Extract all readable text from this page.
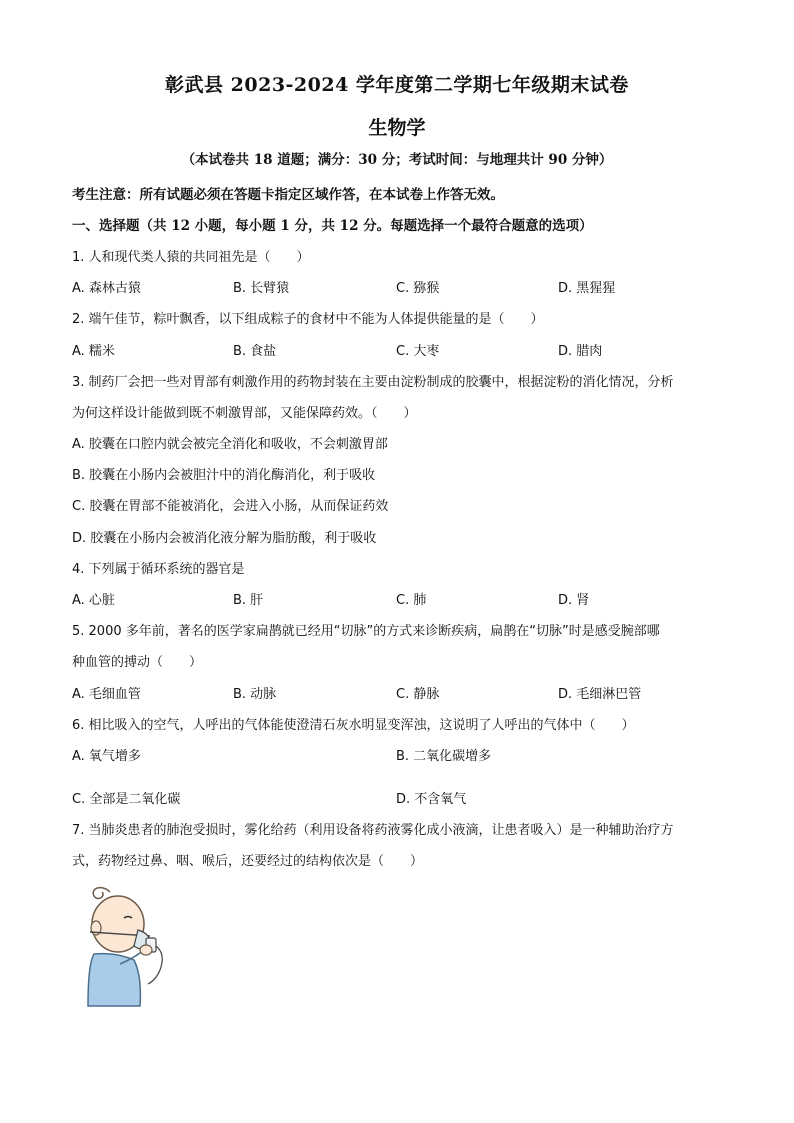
彰武县 2023-2024 学年度第二学期七年级期末试卷
生物学
（本试卷共 18 道题；满分：30 分；考试时间：与地理共计 90 分钟）
考生注意：所有试题必须在答题卡指定区域作答，在本试卷上作答无效。
一、选择题（共 12 小题，每小题 1 分，共 12 分。每题选择一个最符合题意的选项）
1. 人和现代类人猿的共同祖先是（　　）
A. 森林古猿	B. 长臂猿	C. 猕猴	D. 黑猩猩
2. 端午佳节，粽叶飘香，以下组成粽子的食材中不能为人体提供能量的是（　　）
A. 糯米	B. 食盐	C. 大枣	D. 腊肉
3. 制药厂会把一些对胃部有刺激作用的药物封装在主要由淀粉制成的胶囊中，根据淀粉的消化情况，分析
为何这样设计能做到既不刺激胃部，又能保障药效。（　　）
A. 胶囊在口腔内就会被完全消化和吸收，不会刺激胃部
B. 胶囊在小肠内会被胆汁中的消化酶消化，利于吸收
C. 胶囊在胃部不能被消化，会进入小肠，从而保证药效
D. 胶囊在小肠内会被消化液分解为脂肪酸，利于吸收
4. 下列属于循环系统的器官是
A. 心脏	B. 肝	C. 肺	D. 肾
5. 2000 多年前，著名的医学家扁鹊就已经用“切脉”的方式来诊断疾病，扁鹊在“切脉”时是感受腕部哪
种血管的搏动（　　）
A. 毛细血管	B. 动脉	C. 静脉	D. 毛细淋巴管
6. 相比吸入的空气，人呼出的气体能使澄清石灰水明显变浑浊，这说明了人呼出的气体中（　　）
A. 氧气增多	B. 二氧化碳增多
C. 全部是二氧化碳	D. 不含氧气
7. 当肺炎患者的肺泡受损时，雾化给药（利用设备将药液雾化成小液滴，让患者吸入）是一种辅助治疗方
式，药物经过鼻、咽、喉后，还要经过的结构依次是（　　）
